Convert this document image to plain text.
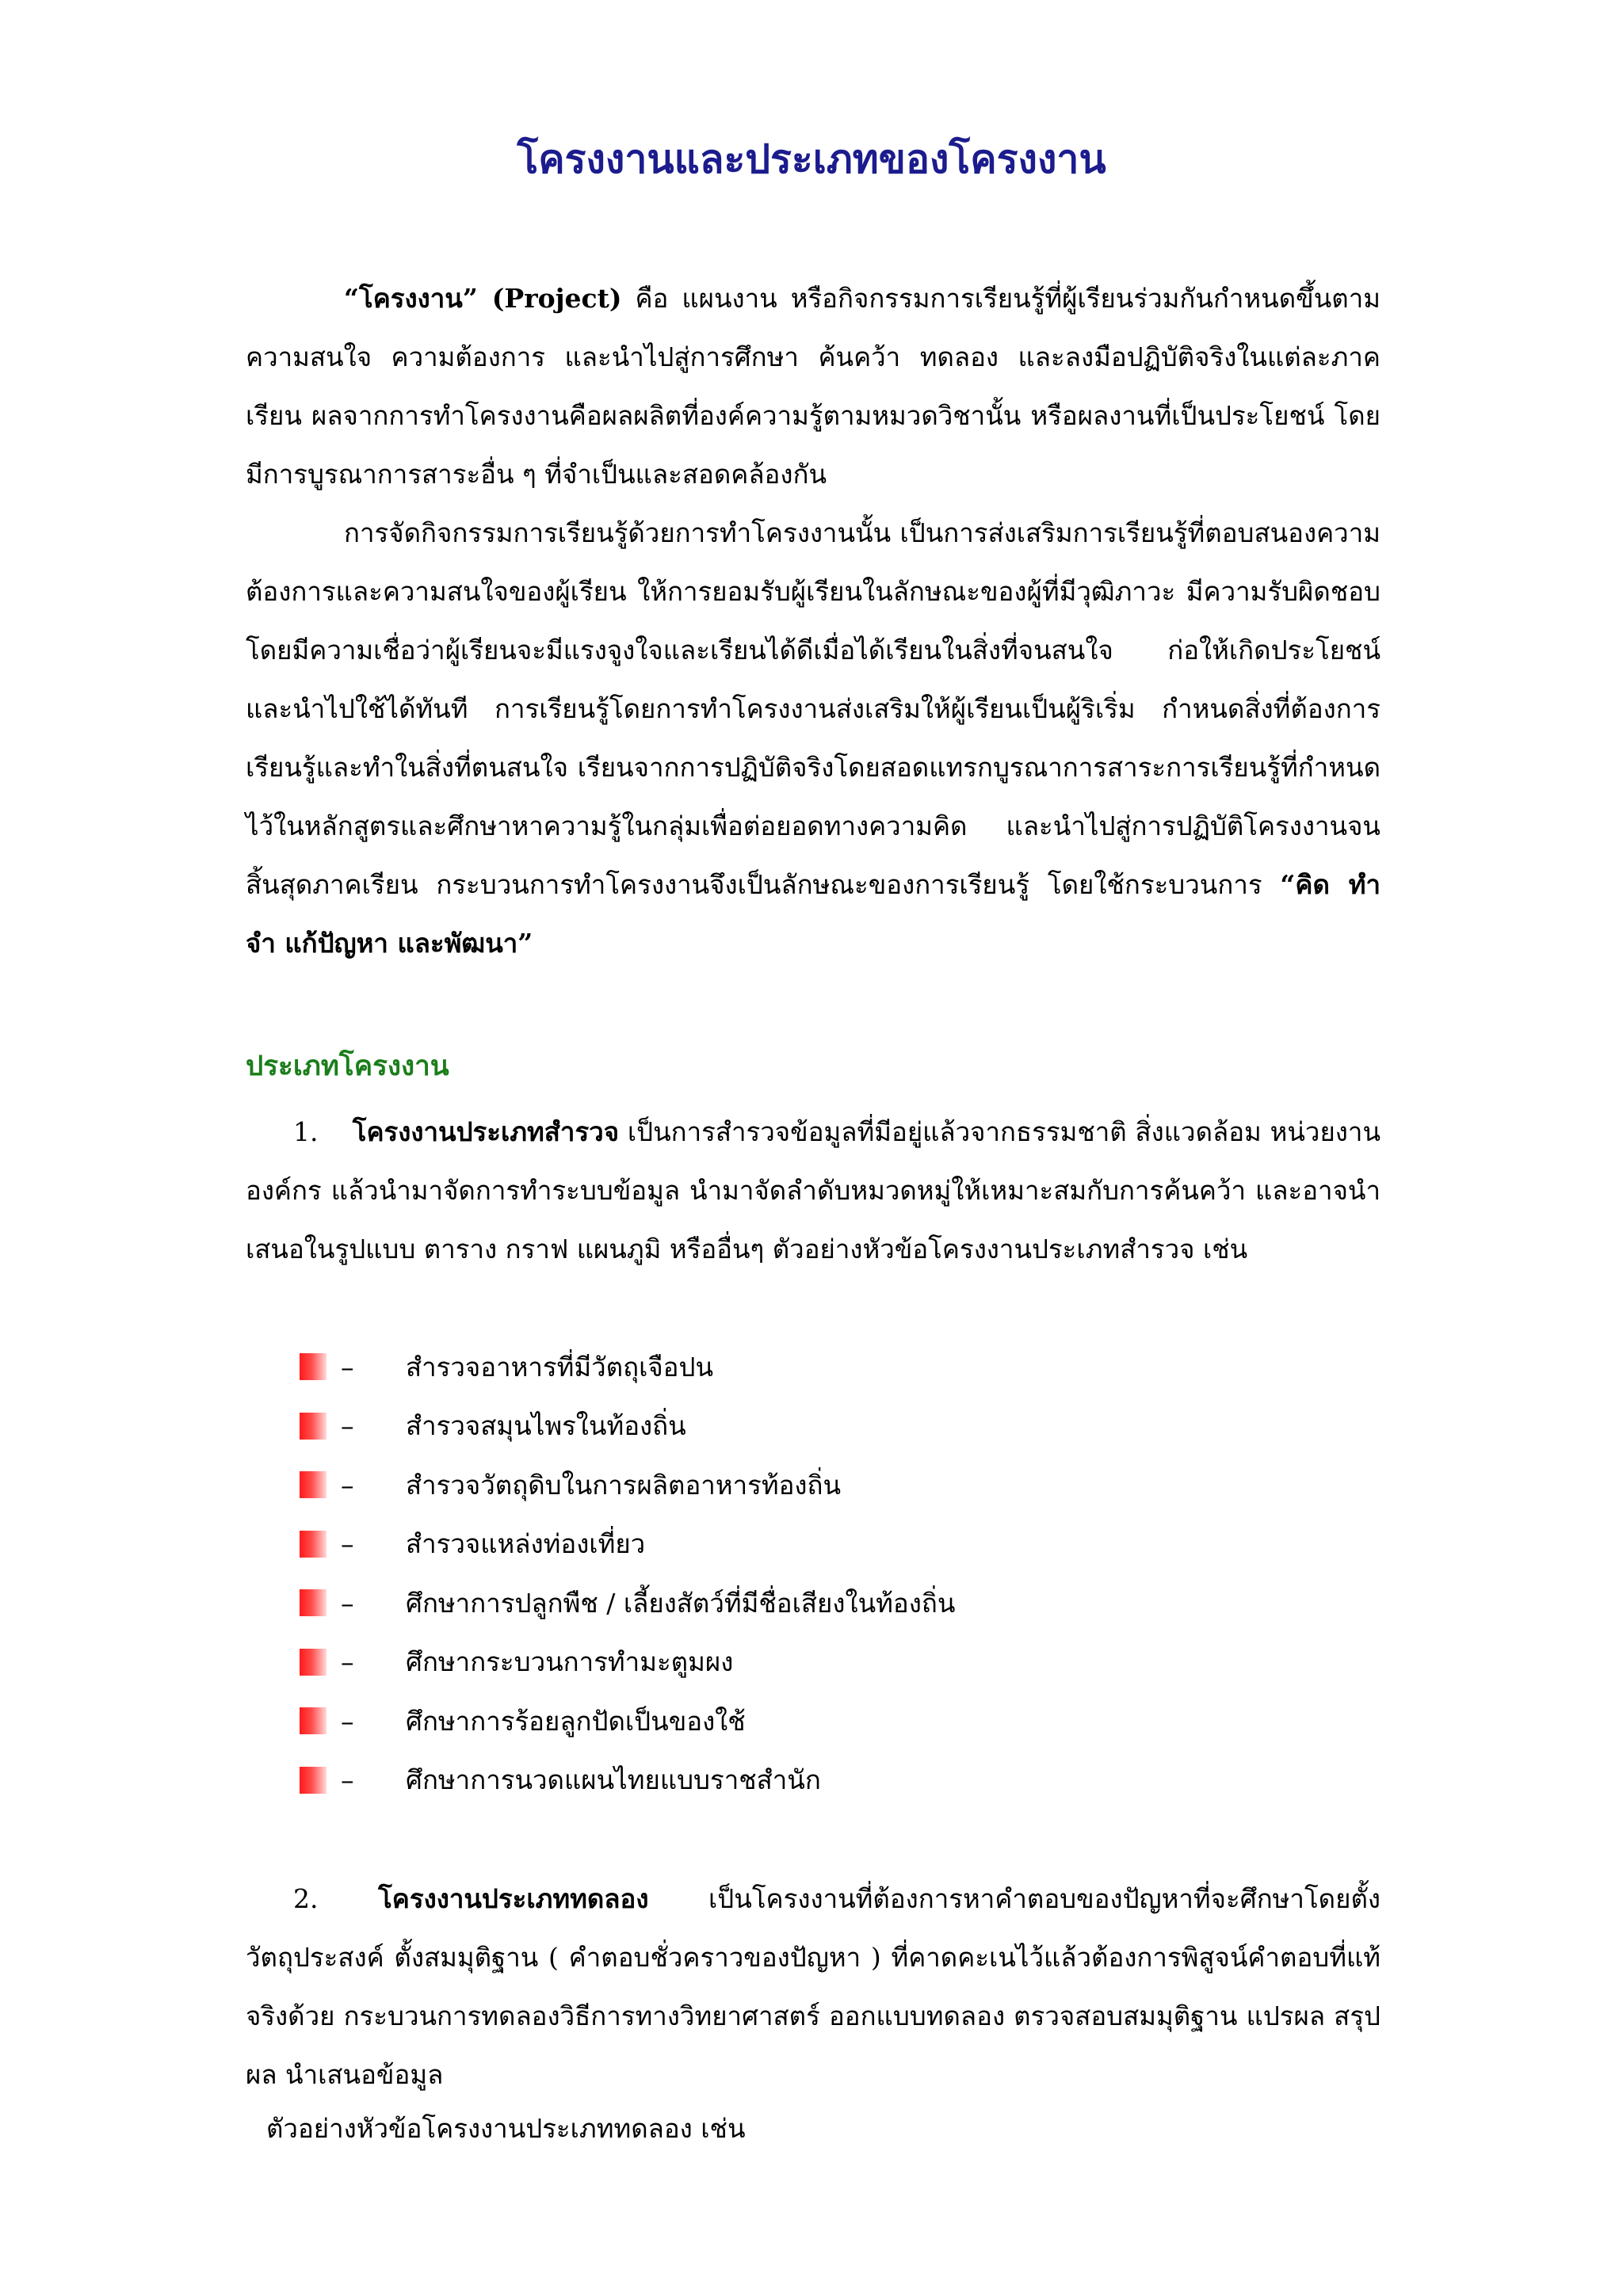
โครงงานและประเภทของโครงงาน

“โครงงาน” (Project) คือ แผนงาน หรือกิจกรรมการเรียนรู้ที่ผู้เรียนร่วมกันกำหนดขึ้นตามความสนใจ ความต้องการ และนำไปสู่การศึกษา ค้นคว้า ทดลอง และลงมือปฏิบัติจริงในแต่ละภาคเรียน ผลจากการทำโครงงานคือผลผลิตที่องค์ความรู้ตามหมวดวิชานั้น หรือผลงานที่เป็นประโยชน์ โดยมีการบูรณาการสาระอื่น ๆ ที่จำเป็นและสอดคล้องกัน

การจัดกิจกรรมการเรียนรู้ด้วยการทำโครงงานนั้น เป็นการส่งเสริมการเรียนรู้ที่ตอบสนองความต้องการและความสนใจของผู้เรียน ให้การยอมรับผู้เรียนในลักษณะของผู้ที่มีวุฒิภาวะ มีความรับผิดชอบ โดยมีความเชื่อว่าผู้เรียนจะมีแรงจูงใจและเรียนได้ดีเมื่อได้เรียนในสิ่งที่จนสนใจ ก่อให้เกิดประโยชน์และนำไปใช้ได้ทันที การเรียนรู้โดยการทำโครงงานส่งเสริมให้ผู้เรียนเป็นผู้ริเริ่ม กำหนดสิ่งที่ต้องการเรียนรู้และทำในสิ่งที่ตนสนใจ เรียนจากการปฏิบัติจริงโดยสอดแทรกบูรณาการสาระการเรียนรู้ที่กำหนดไว้ในหลักสูตรและศึกษาหาความรู้ในกลุ่มเพื่อต่อยอดทางความคิด และนำไปสู่การปฏิบัติโครงงานจนสิ้นสุดภาคเรียน กระบวนการทำโครงงานจึงเป็นลักษณะของการเรียนรู้ โดยใช้กระบวนการ “คิด ทำ จำ แก้ปัญหา และพัฒนา”

ประเภทโครงงาน

1. โครงงานประเภทสำรวจ เป็นการสำรวจข้อมูลที่มีอยู่แล้วจากธรรมชาติ สิ่งแวดล้อม หน่วยงาน องค์กร แล้วนำมาจัดการทำระบบข้อมูล นำมาจัดลำดับหมวดหมู่ให้เหมาะสมกับการค้นคว้า และอาจนำเสนอในรูปแบบ ตาราง กราฟ แผนภูมิ หรืออื่นๆ ตัวอย่างหัวข้อโครงงานประเภทสำรวจ เช่น

–	สำรวจอาหารที่มีวัตถุเจือปน
–	สำรวจสมุนไพรในท้องถิ่น
–	สำรวจวัตถุดิบในการผลิตอาหารท้องถิ่น
–	สำรวจแหล่งท่องเที่ยว
–	ศึกษาการปลูกพืช / เลี้ยงสัตว์ที่มีชื่อเสียงในท้องถิ่น
–	ศึกษากระบวนการทำมะตูมผง
–	ศึกษาการร้อยลูกปัดเป็นของใช้
–	ศึกษาการนวดแผนไทยแบบราชสำนัก

2. โครงงานประเภททดลอง เป็นโครงงานที่ต้องการหาคำตอบของปัญหาที่จะศึกษาโดยตั้งวัตถุประสงค์ ตั้งสมมุติฐาน ( คำตอบชั่วคราวของปัญหา ) ที่คาดคะเนไว้แล้วต้องการพิสูจน์คำตอบที่แท้จริงด้วย กระบวนการทดลองวิธีการทางวิทยาศาสตร์ ออกแบบทดลอง ตรวจสอบสมมุติฐาน แปรผล สรุปผล นำเสนอข้อมูล

ตัวอย่างหัวข้อโครงงานประเภททดลอง เช่น
